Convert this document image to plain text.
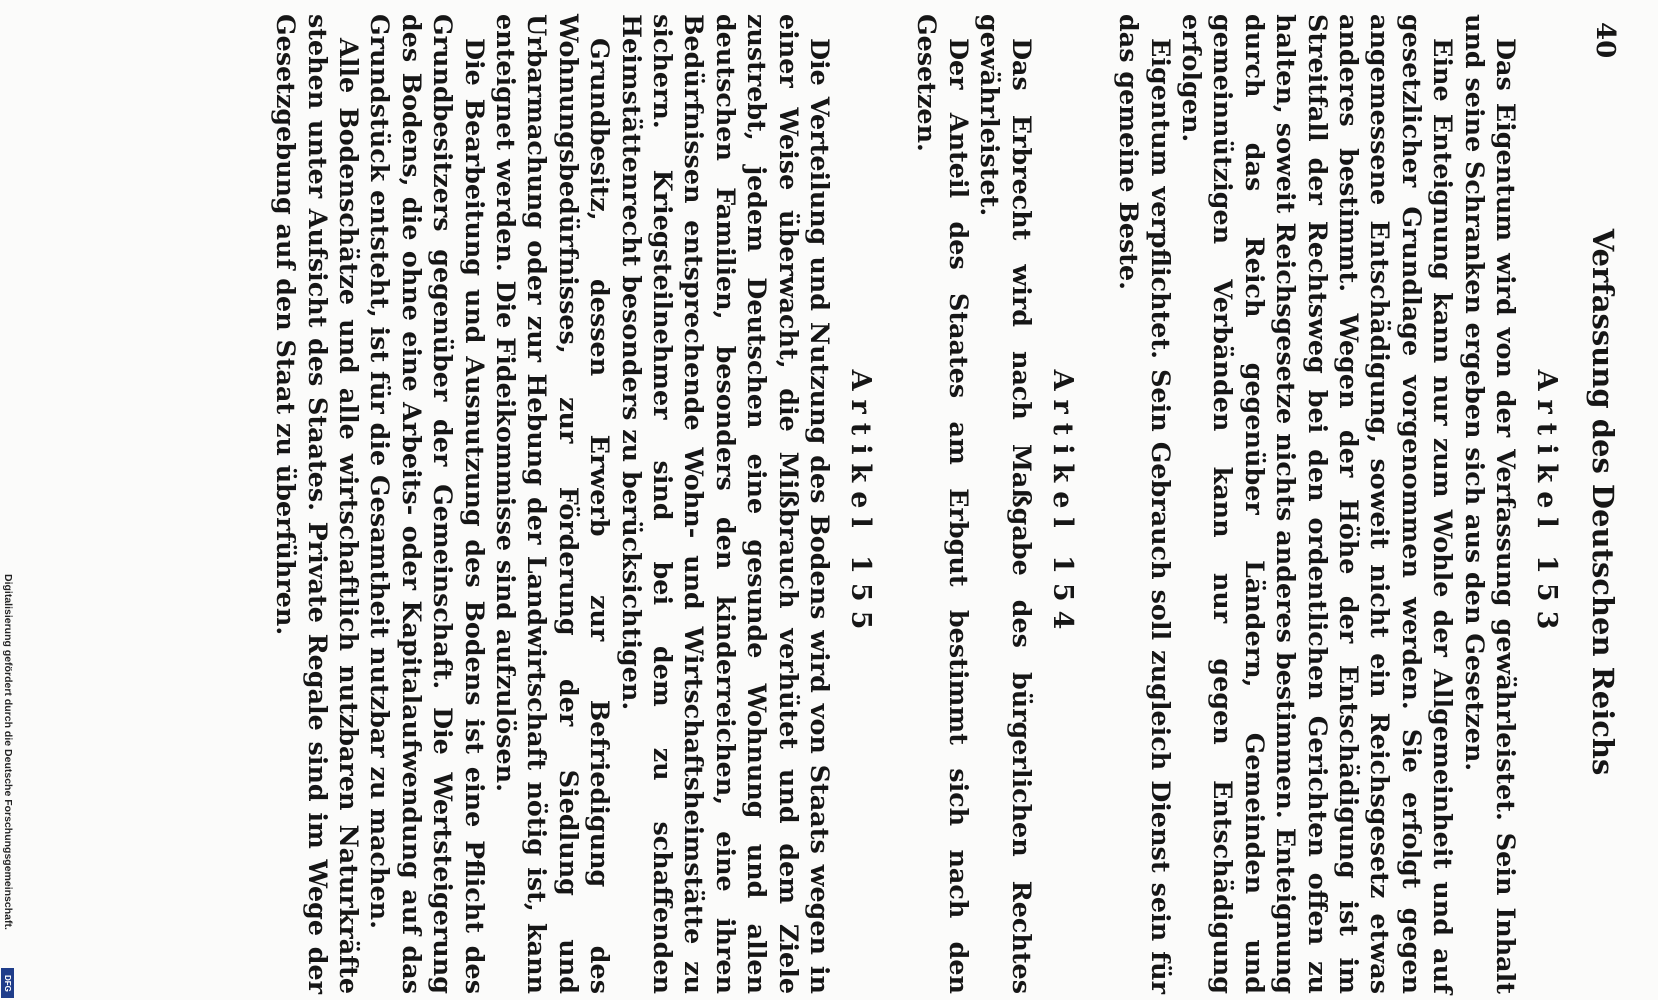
40
Verfassung des Deutschen Reichs
Artikel 153

Das Eigentum wird von der Verfassung gewährleistet. Sein Inhalt und seine Schranken ergeben sich aus den Gesetzen.

Eine Enteignung kann nur zum Wohle der Allgemeinheit und auf gesetzlicher Grundlage vorgenommen werden. Sie erfolgt gegen angemessene Entschädigung, soweit nicht ein Reichsgesetz etwas anderes bestimmt. Wegen der Höhe der Entschädigung ist im Streitfall der Rechtsweg bei den ordentlichen Gerichten offen zu halten, soweit Reichsgesetze nichts anderes bestimmen. Enteignung durch das Reich gegenüber Ländern, Gemeinden und gemeinnützigen Verbänden kann nur gegen Entschädigung erfolgen.

Eigentum verpflichtet. Sein Gebrauch soll zugleich Dienst sein für das gemeine Beste.

Artikel 154

Das Erbrecht wird nach Maßgabe des bürgerlichen Rechtes gewährleistet.

Der Anteil des Staates am Erbgut bestimmt sich nach den Gesetzen.

Artikel 155

Die Verteilung und Nutzung des Bodens wird von Staats wegen in einer Weise überwacht, die Mißbrauch verhütet und dem Ziele zustrebt, jedem Deutschen eine gesunde Wohnung und allen deutschen Familien, besonders den kinderreichen, eine ihren Bedürfnissen entsprechende Wohn- und Wirtschaftsheimstätte zu sichern. Kriegsteilnehmer sind bei dem zu schaffenden Heimstättenrecht besonders zu berücksichtigen.

Grundbesitz, dessen Erwerb zur Befriedigung des Wohnungsbedürfnisses, zur Förderung der Siedlung und Urbarmachung oder zur Hebung der Landwirtschaft nötig ist, kann enteignet werden. Die Fideikommisse sind aufzulösen.

Die Bearbeitung und Ausnutzung des Bodens ist eine Pflicht des Grundbesitzers gegenüber der Gemeinschaft. Die Wertsteigerung des Bodens, die ohne eine Arbeits- oder Kapitalaufwendung auf das Grundstück entsteht, ist für die Gesamtheit nutzbar zu machen.

Alle Bodenschätze und alle wirtschaftlich nutzbaren Naturkräfte stehen unter Aufsicht des Staates. Private Regale sind im Wege der Gesetzgebung auf den Staat zu überführen.

Digitalisierung gefördert durch die Deutsche Forschungsgemeinschaft.
DFG
